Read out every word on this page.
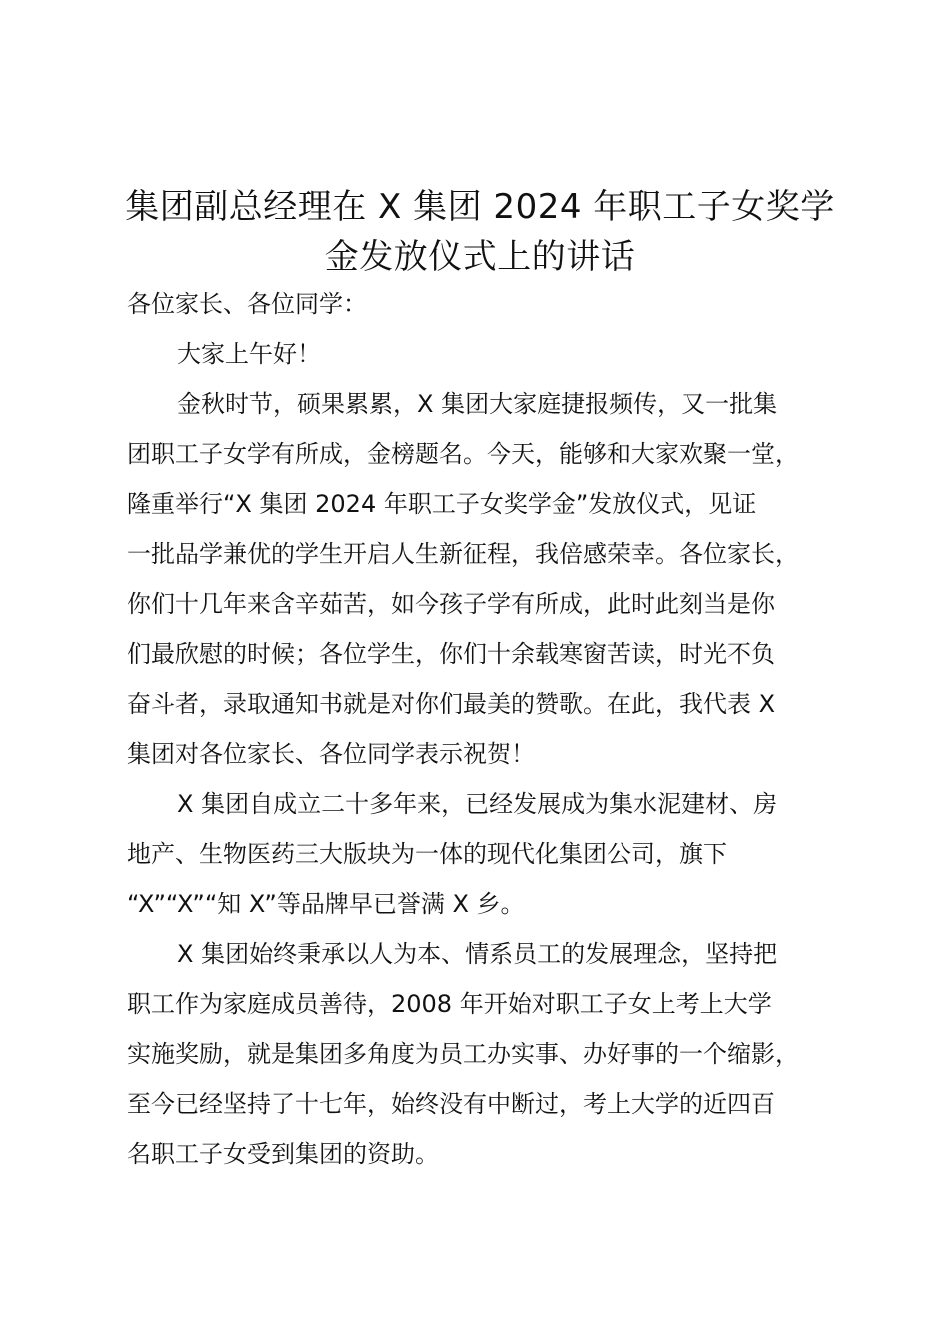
集团副总经理在 X 集团 2024 年职工子女奖学
金发放仪式上的讲话

各位家长、各位同学：

大家上午好！

金秋时节，硕果累累，X 集团大家庭捷报频传，又一批集

团职工子女学有所成，金榜题名。今天，能够和大家欢聚一堂，

隆重举行“X 集团 2024 年职工子女奖学金”发放仪式，见证

一批品学兼优的学生开启人生新征程，我倍感荣幸。各位家长，

你们十几年来含辛茹苦，如今孩子学有所成，此时此刻当是你

们最欣慰的时候；各位学生，你们十余载寒窗苦读，时光不负

奋斗者，录取通知书就是对你们最美的赞歌。在此，我代表 X

集团对各位家长、各位同学表示祝贺！

X 集团自成立二十多年来，已经发展成为集水泥建材、房

地产、生物医药三大版块为一体的现代化集团公司，旗下

“X”“X”“知 X”等品牌早已誉满 X 乡。

X 集团始终秉承以人为本、情系员工的发展理念，坚持把

职工作为家庭成员善待，2008 年开始对职工子女上考上大学

实施奖励，就是集团多角度为员工办实事、办好事的一个缩影，

至今已经坚持了十七年，始终没有中断过，考上大学的近四百

名职工子女受到集团的资助。
